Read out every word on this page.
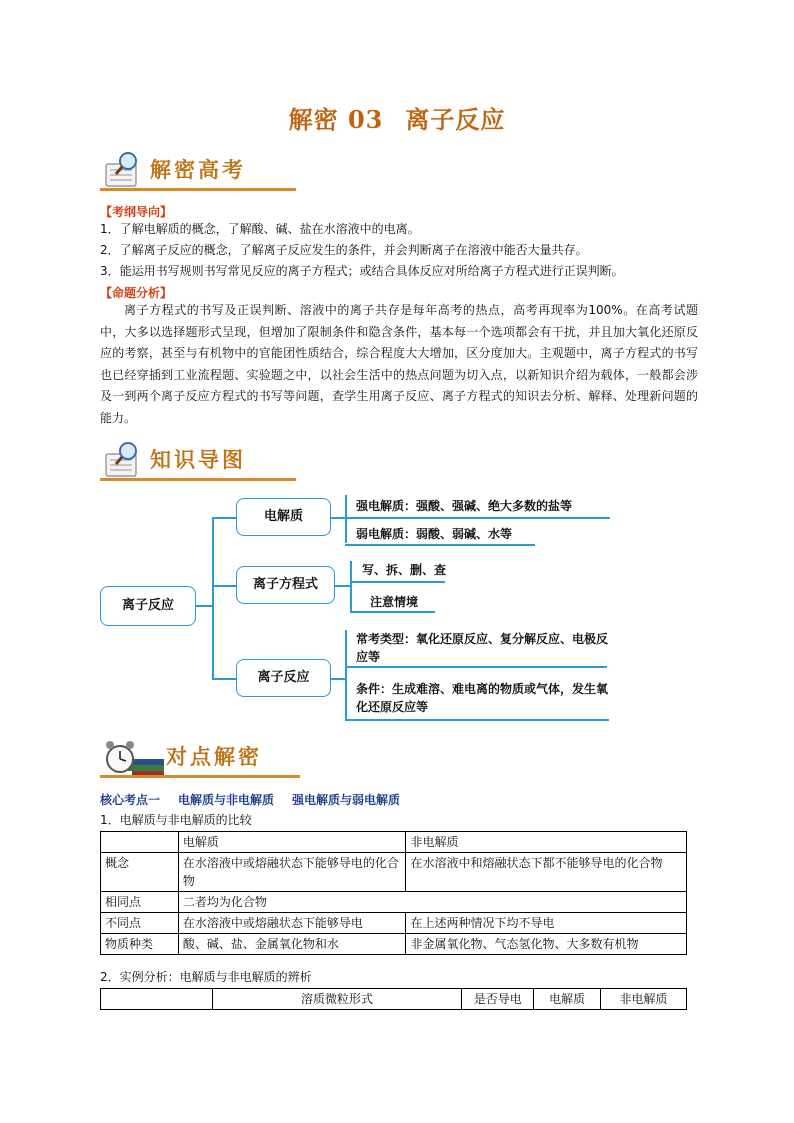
解密 03 离子反应
解密高考
【考纲导向】
1．了解电解质的概念，了解酸、碱、盐在水溶液中的电离。
2．了解离子反应的概念，了解离子反应发生的条件，并会判断离子在溶液中能否大量共存。
3．能运用书写规则书写常见反应的离子方程式；或结合具体反应对所给离子方程式进行正误判断。
【命题分析】
离子方程式的书写及正误判断、溶液中的离子共存是每年高考的热点，高考再现率为100%。在高考试题中，大多以选择题形式呈现，但增加了限制条件和隐含条件，基本每一个选项都会有干扰，并且加大氧化还原反应的考察，甚至与有机物中的官能团性质结合，综合程度大大增加，区分度加大。主观题中，离子方程式的书写也已经穿插到工业流程题、实验题之中，以社会生活中的热点问题为切入点，以新知识介绍为载体，一般都会涉及一到两个离子反应方程式的书写等问题，查学生用离子反应、离子方程式的知识去分析、解释、处理新问题的能力。
知识导图
离子反应
电解质
离子方程式
离子反应
强电解质：强酸、强碱、绝大多数的盐等
弱电解质：弱酸、弱碱、水等
写、拆、删、查
注意情境
常考类型：氧化还原反应、复分解反应、电极反应等
条件：生成难溶、难电离的物质或气体，发生氧化还原反应等
对点解密
核心考点一 电解质与非电解质 强电解质与弱电解质
1．电解质与非电解质的比较
	电解质	非电解质
概念	在水溶液中或熔融状态下能够导电的化合物	在水溶液中和熔融状态下都不能够导电的化合物
相同点	二者均为化合物	
不同点	在水溶液中或熔融状态下能够导电	在上述两种情况下均不导电
物质种类	酸、碱、盐、金属氧化物和水	非金属氧化物、气态氢化物、大多数有机物
2．实例分析：电解质与非电解质的辨析
	溶质微粒形式	是否导电	电解质	非电解质
